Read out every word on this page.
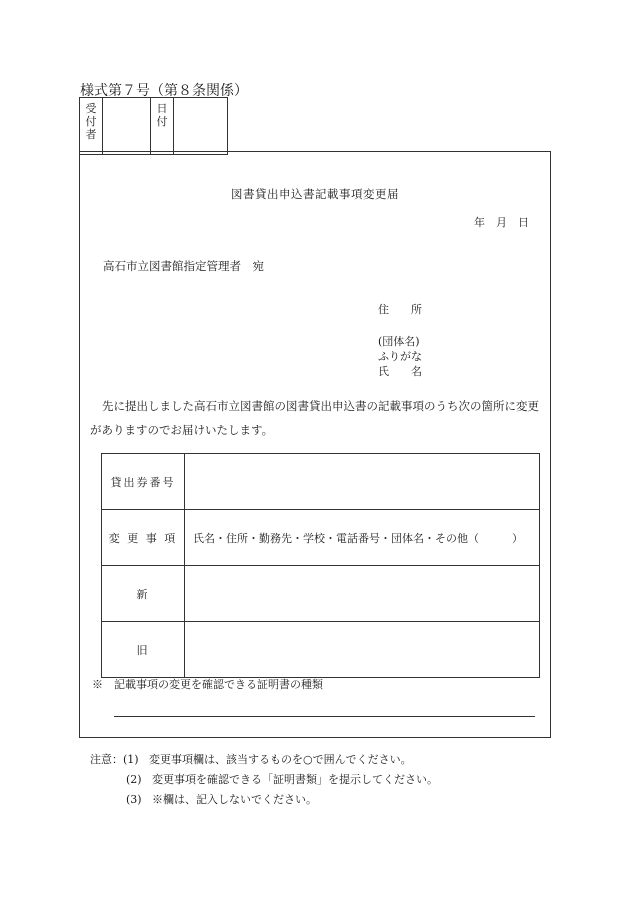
様式第７号（第８条関係）
受付者		日付	
図書貸出申込書記載事項変更届
年　月　日
高石市立図書館指定管理者　宛
住　　所
(団体名)
ふりがな
氏　　名
先に提出しました高石市立図書館の図書貸出申込書の記載事項のうち次の箇所に変更がありますのでお届けいたします。
貸出券番号	
変 更 事 項	氏名・住所・勤務先・学校・電話番号・団体名・その他（　　　）
新	
旧	
※　記載事項の変更を確認できる証明書の種類
注意：(1) 変更事項欄は、該当するものを○で囲んでください。
(2) 変更事項を確認できる「証明書類」を提示してください。
(3) ※欄は、記入しないでください。
